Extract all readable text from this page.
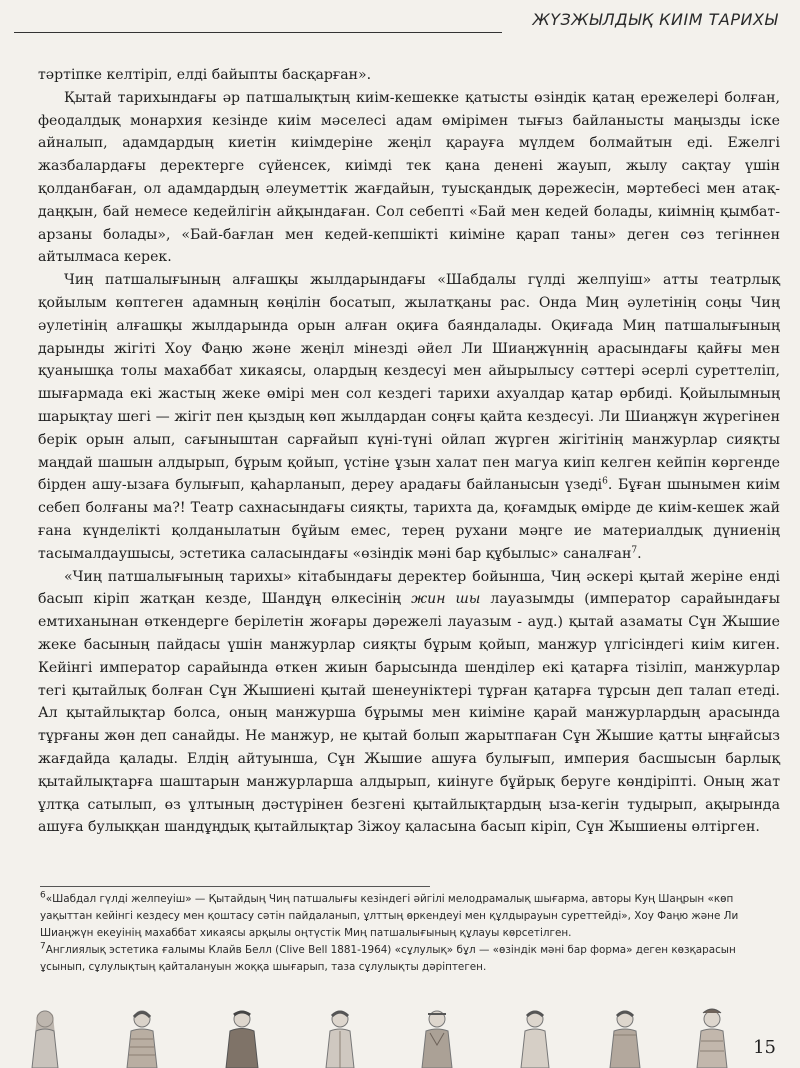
ЖҮЗЖЫЛДЫҚ КИІМ ТАРИХЫ

тәртіпке келтіріп, елді байыпты басқарған».

Қытай тарихындағы әр патшалықтың киім-кешекке қатысты өзіндік қатаң ережелері болған, феодалдық монархия кезінде киім мәселесі адам өмірімен тығыз байланысты маңызды іске айналып, адамдардың киетін киімдеріне жеңіл қарауға мүлдем болмайтын еді. Ежелгі жазбалардағы деректерге сүйенсек, киімді тек қана денені жауып, жылу сақтау үшін қолданбаған, ол адамдардың әлеуметтік жағдайын, туысқандық дәрежесін, мәртебесі мен атақ-даңқын, бай немесе кедейлігін айқындаған. Сол себепті «Бай мен кедей болады, киімнің қымбат-арзаны болады», «Бай-бағлан мен кедей-кепшікті киіміне қарап таны» деген сөз тегіннен айтылмаса керек.

Чиң патшалығының алғашқы жылдарындағы «Шабдалы гүлді желпуіш» атты театрлық қойылым көптеген адамның көңілін босатып, жылатқаны рас. Онда Миң әулетінің соңы Чиң әулетінің алғашқы жылдарында орын алған оқиға баяндалады. Оқиғада Миң патшалығының дарынды жігіті Хоу Фаңю және жеңіл мінезді әйел Ли Шиаңжүннің арасындағы қайғы мен қуанышқа толы махаббат хикаясы, олардың кездесуі мен айырылысу сәттері әсерлі суреттеліп, шығармада екі жастың жеке өмірі мен сол кездегі тарихи ахуалдар қатар өрбиді. Қойылымның шарықтау шегі — жігіт пен қыздың көп жылдардан соңғы қайта кездесуі. Ли Шиаңжүн жүрегінен берік орын алып, сағыныштан сарғайып күні-түні ойлап жүрген жігітінің манжурлар сияқты маңдай шашын алдырып, бұрым қойып, үстіне ұзын халат пен магуа киіп келген кейпін көргенде бірден ашу-ызаға булығып, қаһарланып, дереу арадағы байланысын үзеді$^6$. Бұған шынымен киім себеп болғаны ма?! Театр сахнасындағы сияқты, тарихта да, қоғамдық өмірде де киім-кешек жай ғана күнделікті қолданылатын бұйым емес, терең рухани мәңге ие материалдық дүниенің тасымалдаушысы, эстетика саласындағы «өзіндік мәні бар құбылыс» саналған$^7$.

«Чиң патшалығының тарихы» кітабындағы деректер бойынша, Чиң әскері қытай жеріне енді басып кіріп жатқан кезде, Шандұң өлкесінің жин шы лауазымды (император сарайындағы емтиханынан өткендерге берілетін жоғары дәрежелі лауазым - ауд.) қытай азаматы Сұн Жышие жеке басының пайдасы үшін манжурлар сияқты бұрым қойып, манжур үлгісіндегі киім киген. Кейінгі император сарайында өткен жиын барысында шенділер екі қатарға тізіліп, манжурлар тегі қытайлық болған Сұн Жышиені қытай шенеуніктері тұрған қатарға тұрсын деп талап етеді. Ал қытайлықтар болса, оның манжурша бұрымы мен киіміне қарай манжурлардың арасында тұрғаны жөн деп санайды. Не манжур, не қытай болып жарытпаған Сұн Жышие қатты ыңғайсыз жағдайда қалады. Елдің айтуынша, Сұн Жышие ашуға булығып, империя басшысын барлық қытайлықтарға шаштарын манжурларша алдырып, киінуге бұйрық беруге көндіріпті. Оның жат ұлтқа сатылып, өз ұлтының дәстүрінен безгені қытайлықтардың ыза-кегін тудырып, ақырында ашуға булыққан шандұңдық қытайлықтар Зіжоу қаласына басып кіріп, Сұн Жышиены өлтірген.

$^6$«Шабдал гүлді желпеуіш» — Қытайдың Чиң патшалығы кезіндегі әйгілі мелодрамалық шығарма, авторы Куң Шаңрын «көп уақыттан кейінгі кездесу мен қоштасу сәтін пайдаланып, ұлттың өркендеуі мен құлдырауын суреттейді», Хоу Фаңю және Ли Шиаңжүн екеуінің махаббат хикаясы арқылы оңтүстік Миң патшалығының құлауы көрсетілген.

$^7$Англиялық эстетика ғалымы Клайв Белл (Clive Bell 1881-1964) «сұлулық» бұл — «өзіндік мәні бар форма» деген көзқарасын ұсынып, сұлулықтың қайталануын жоққа шығарып, таза сұлулықты дәріптеген.

15
